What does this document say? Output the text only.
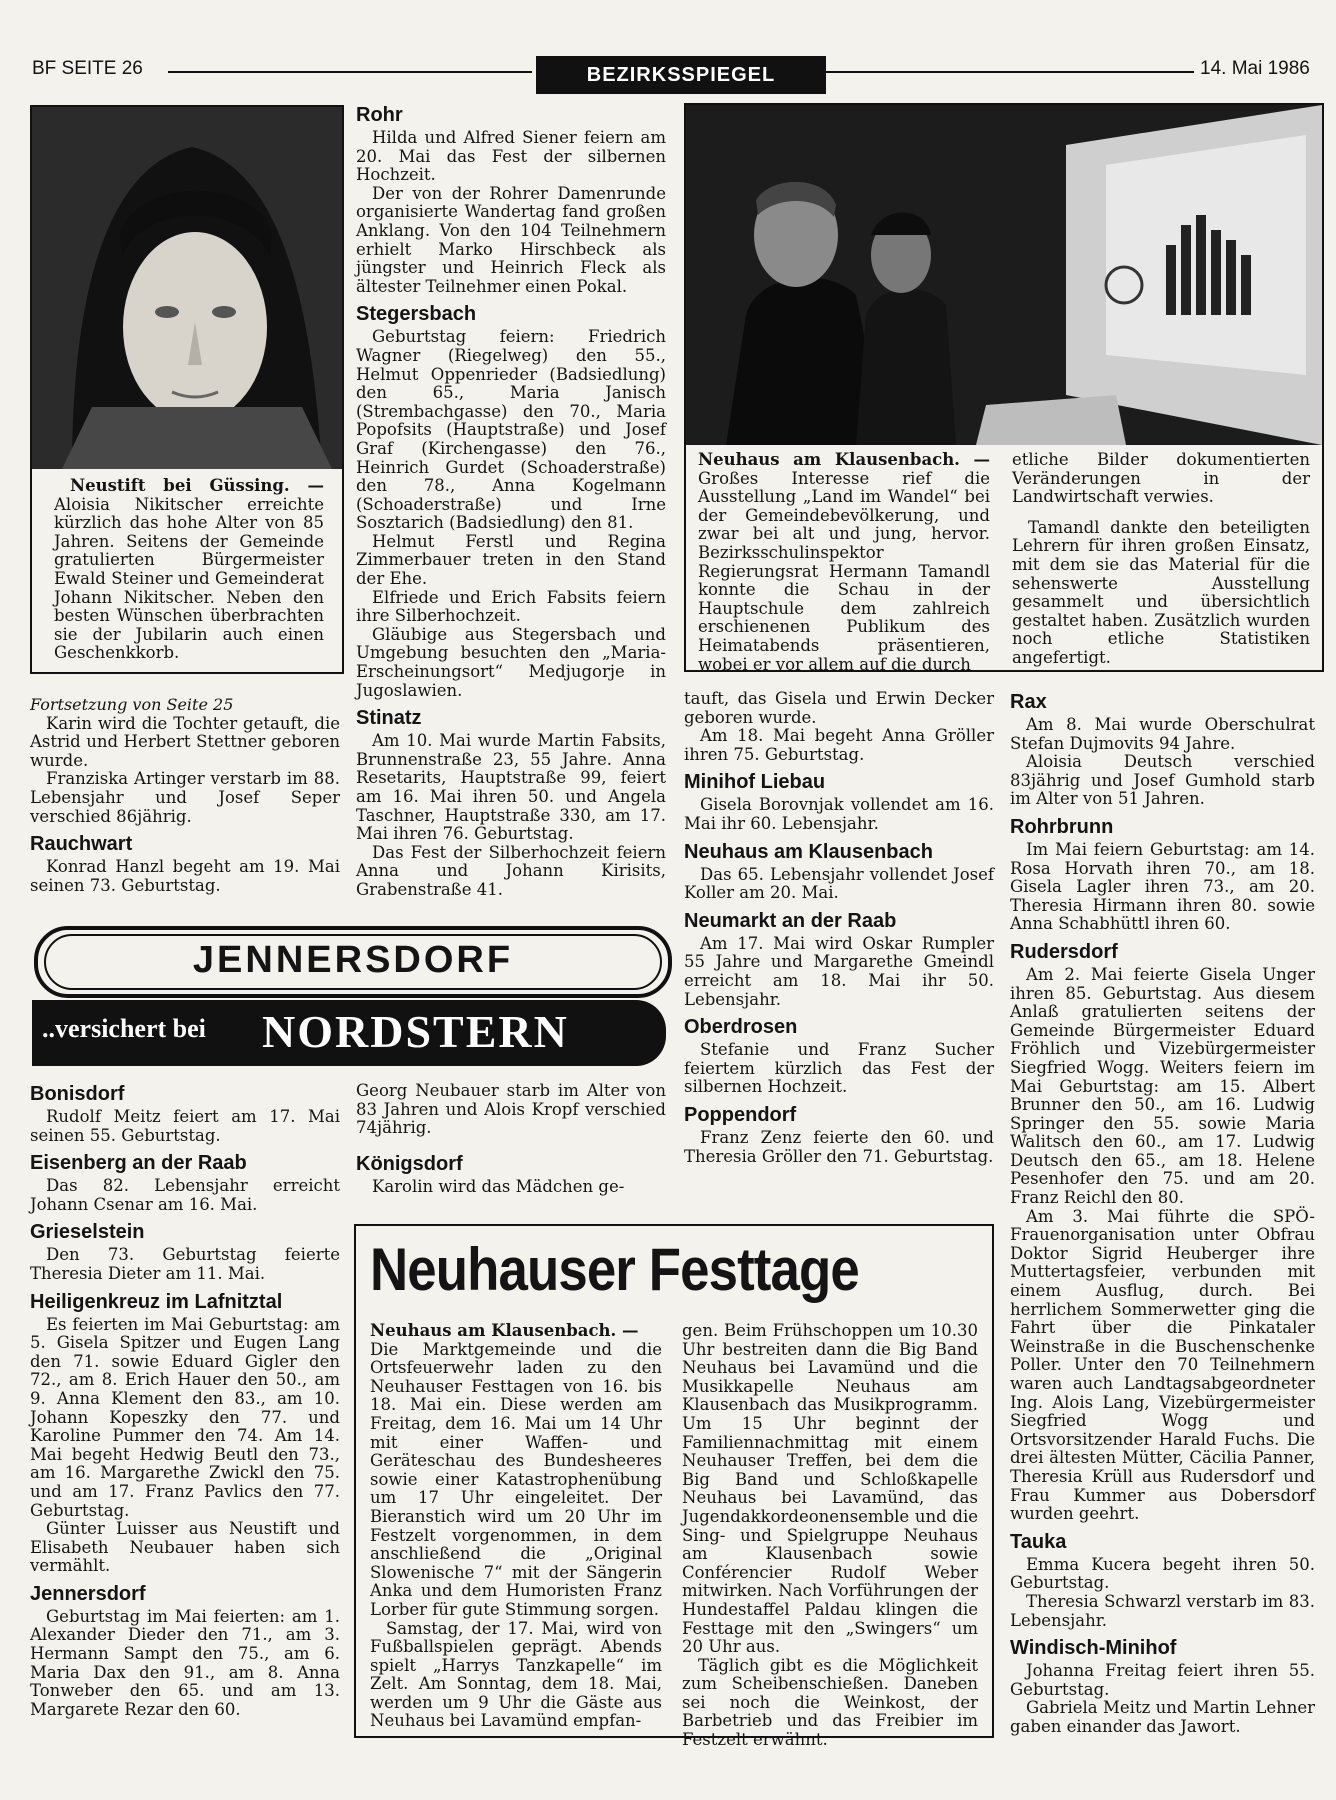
BF SEITE 26	BEZIRKSSPIEGEL	14. Mai 1986

Neustift bei Güssing. — Aloisia Nikitscher erreichte kürzlich das hohe Alter von 85 Jahren. Seitens der Gemeinde gratulierten Bürgermeister Ewald Steiner und Gemeinderat Johann Nikitscher. Neben den besten Wünschen überbrachten sie der Jubilarin auch einen Geschenkkorb.

Rohr

Hilda und Alfred Siener feiern am 20. Mai das Fest der silbernen Hochzeit.

Der von der Rohrer Damenrunde organisierte Wandertag fand großen Anklang. Von den 104 Teilnehmern erhielt Marko Hirschbeck als jüngster und Heinrich Fleck als ältester Teilnehmer einen Pokal.

Stegersbach

Geburtstag feiern: Friedrich Wagner (Riegelweg) den 55., Helmut Oppenrieder (Badsiedlung) den 65., Maria Janisch (Strembachgasse) den 70., Maria Popofsits (Hauptstraße) und Josef Graf (Kirchengasse) den 76., Heinrich Gurdet (Schoaderstraße) den 78., Anna Kogelmann (Schoaderstraße) und Irne Sosztarich (Badsiedlung) den 81.

Helmut Ferstl und Regina Zimmerbauer treten in den Stand der Ehe.

Elfriede und Erich Fabsits feiern ihre Silberhochzeit.

Gläubige aus Stegersbach und Umgebung besuchten den „Maria-Erscheinungsort“ Medjugorje in Jugoslawien.

Stinatz

Am 10. Mai wurde Martin Fabsits, Brunnenstraße 23, 55 Jahre. Anna Resetarits, Hauptstraße 99, feiert am 16. Mai ihren 50. und Angela Taschner, Hauptstraße 330, am 17. Mai ihren 76. Geburtstag.

Das Fest der Silberhochzeit feiern Anna und Johann Kirisits, Grabenstraße 41.

Neuhaus am Klausenbach. — Großes Interesse rief die Ausstellung „Land im Wandel“ bei der Gemeindebevölkerung, und zwar bei alt und jung, hervor. Bezirksschulinspektor Regierungsrat Hermann Tamandl konnte die Schau in der Hauptschule dem zahlreich erschienenen Publikum des Heimatabends präsentieren, wobei er vor allem auf die durch

etliche Bilder dokumentierten Veränderungen in der Landwirtschaft verwies.

Tamandl dankte den beteiligten Lehrern für ihren großen Einsatz, mit dem sie das Material für die sehenswerte Ausstellung gesammelt und übersichtlich gestaltet haben. Zusätzlich wurden noch etliche Statistiken angefertigt.

Fortsetzung von Seite 25

Karin wird die Tochter getauft, die Astrid und Herbert Stettner geboren wurde.

Franziska Artinger verstarb im 88. Lebensjahr und Josef Seper verschied 86jährig.

Rauchwart

Konrad Hanzl begeht am 19. Mai seinen 73. Geburtstag.

tauft, das Gisela und Erwin Decker geboren wurde.

Am 18. Mai begeht Anna Gröller ihren 75. Geburtstag.

Minihof Liebau

Gisela Borovnjak vollendet am 16. Mai ihr 60. Lebensjahr.

Neuhaus am Klausenbach

Das 65. Lebensjahr vollendet Josef Koller am 20. Mai.

Neumarkt an der Raab

Am 17. Mai wird Oskar Rumpler 55 Jahre und Margarethe Gmeindl erreicht am 18. Mai ihr 50. Lebensjahr.

Oberdrosen

Stefanie und Franz Sucher feiertem kürzlich das Fest der silbernen Hochzeit.

Poppendorf

Franz Zenz feierte den 60. und Theresia Gröller den 71. Geburtstag.

Rax

Am 8. Mai wurde Oberschulrat Stefan Dujmovits 94 Jahre.

Aloisia Deutsch verschied 83jährig und Josef Gumhold starb im Alter von 51 Jahren.

Rohrbrunn

Im Mai feiern Geburtstag: am 14. Rosa Horvath ihren 70., am 18. Gisela Lagler ihren 73., am 20. Theresia Hirmann ihren 80. sowie Anna Schabhüttl ihren 60.

Rudersdorf

Am 2. Mai feierte Gisela Unger ihren 85. Geburtstag. Aus diesem Anlaß gratulierten seitens der Gemeinde Bürgermeister Eduard Fröhlich und Vizebürgermeister Siegfried Wogg. Weiters feiern im Mai Geburtstag: am 15. Albert Brunner den 50., am 16. Ludwig Springer den 55. sowie Maria Walitsch den 60., am 17. Ludwig Deutsch den 65., am 18. Helene Pesenhofer den 75. und am 20. Franz Reichl den 80.

Am 3. Mai führte die SPÖ-Frauenorganisation unter Obfrau Doktor Sigrid Heuberger ihre Muttertagsfeier, verbunden mit einem Ausflug, durch. Bei herrlichem Sommerwetter ging die Fahrt über die Pinkataler Weinstraße in die Buschenschenke Poller. Unter den 70 Teilnehmern waren auch Landtagsabgeordneter Ing. Alois Lang, Vizebürgermeister Siegfried Wogg und Ortsvorsitzender Harald Fuchs. Die drei ältesten Mütter, Cäcilia Panner, Theresia Krüll aus Rudersdorf und Frau Kummer aus Dobersdorf wurden geehrt.

Tauka

Emma Kucera begeht ihren 50. Geburtstag.

Theresia Schwarzl verstarb im 83. Lebensjahr.

Windisch-Minihof

Johanna Freitag feiert ihren 55. Geburtstag.

Gabriela Meitz und Martin Lehner gaben einander das Jawort.

JENNERSDORF
..versichert bei NORDSTERN
Bonisdorf

Rudolf Meitz feiert am 17. Mai seinen 55. Geburtstag.

Eisenberg an der Raab

Das 82. Lebensjahr erreicht Johann Csenar am 16. Mai.

Grieselstein

Den 73. Geburtstag feierte Theresia Dieter am 11. Mai.

Heiligenkreuz im Lafnitztal

Es feierten im Mai Geburtstag: am 5. Gisela Spitzer und Eugen Lang den 71. sowie Eduard Gigler den 72., am 8. Erich Hauer den 50., am 9. Anna Klement den 83., am 10. Johann Kopeszky den 77. und Karoline Pummer den 74. Am 14. Mai begeht Hedwig Beutl den 73., am 16. Margarethe Zwickl den 75. und am 17. Franz Pavlics den 77. Geburtstag.

Günter Luisser aus Neustift und Elisabeth Neubauer haben sich vermählt.

Jennersdorf

Geburtstag im Mai feierten: am 1. Alexander Dieder den 71., am 3. Hermann Sampt den 75., am 6. Maria Dax den 91., am 8. Anna Tonweber den 65. und am 13. Margarete Rezar den 60.

Georg Neubauer starb im Alter von 83 Jahren und Alois Kropf verschied 74jährig.

Königsdorf

Karolin wird das Mädchen ge-

Neuhauser Festtage

Neuhaus am Klausenbach. —

Die Marktgemeinde und die Ortsfeuerwehr laden zu den Neuhauser Festtagen von 16. bis 18. Mai ein. Diese werden am Freitag, dem 16. Mai um 14 Uhr mit einer Waffen- und Geräteschau des Bundesheeres sowie einer Katastrophenübung um 17 Uhr eingeleitet. Der Bieranstich wird um 20 Uhr im Festzelt vorgenommen, in dem anschließend die „Original Slowenische 7“ mit der Sängerin Anka und dem Humoristen Franz Lorber für gute Stimmung sorgen.

Samstag, der 17. Mai, wird von Fußballspielen geprägt. Abends spielt „Harrys Tanzkapelle“ im Zelt. Am Sonntag, dem 18. Mai, werden um 9 Uhr die Gäste aus Neuhaus bei Lavamünd empfan-

gen. Beim Frühschoppen um 10.30 Uhr bestreiten dann die Big Band Neuhaus bei Lavamünd und die Musikkapelle Neuhaus am Klausenbach das Musikprogramm. Um 15 Uhr beginnt der Familiennachmittag mit einem Neuhauser Treffen, bei dem die Big Band und Schloßkapelle Neuhaus bei Lavamünd, das Jugendakkordeonensemble und die Sing- und Spielgruppe Neuhaus am Klausenbach sowie Conférencier Rudolf Weber mitwirken. Nach Vorführungen der Hundestaffel Paldau klingen die Festtage mit den „Swingers“ um 20 Uhr aus.

Täglich gibt es die Möglichkeit zum Scheibenschießen. Daneben sei noch die Weinkost, der Barbetrieb und das Freibier im Festzelt erwähnt.
